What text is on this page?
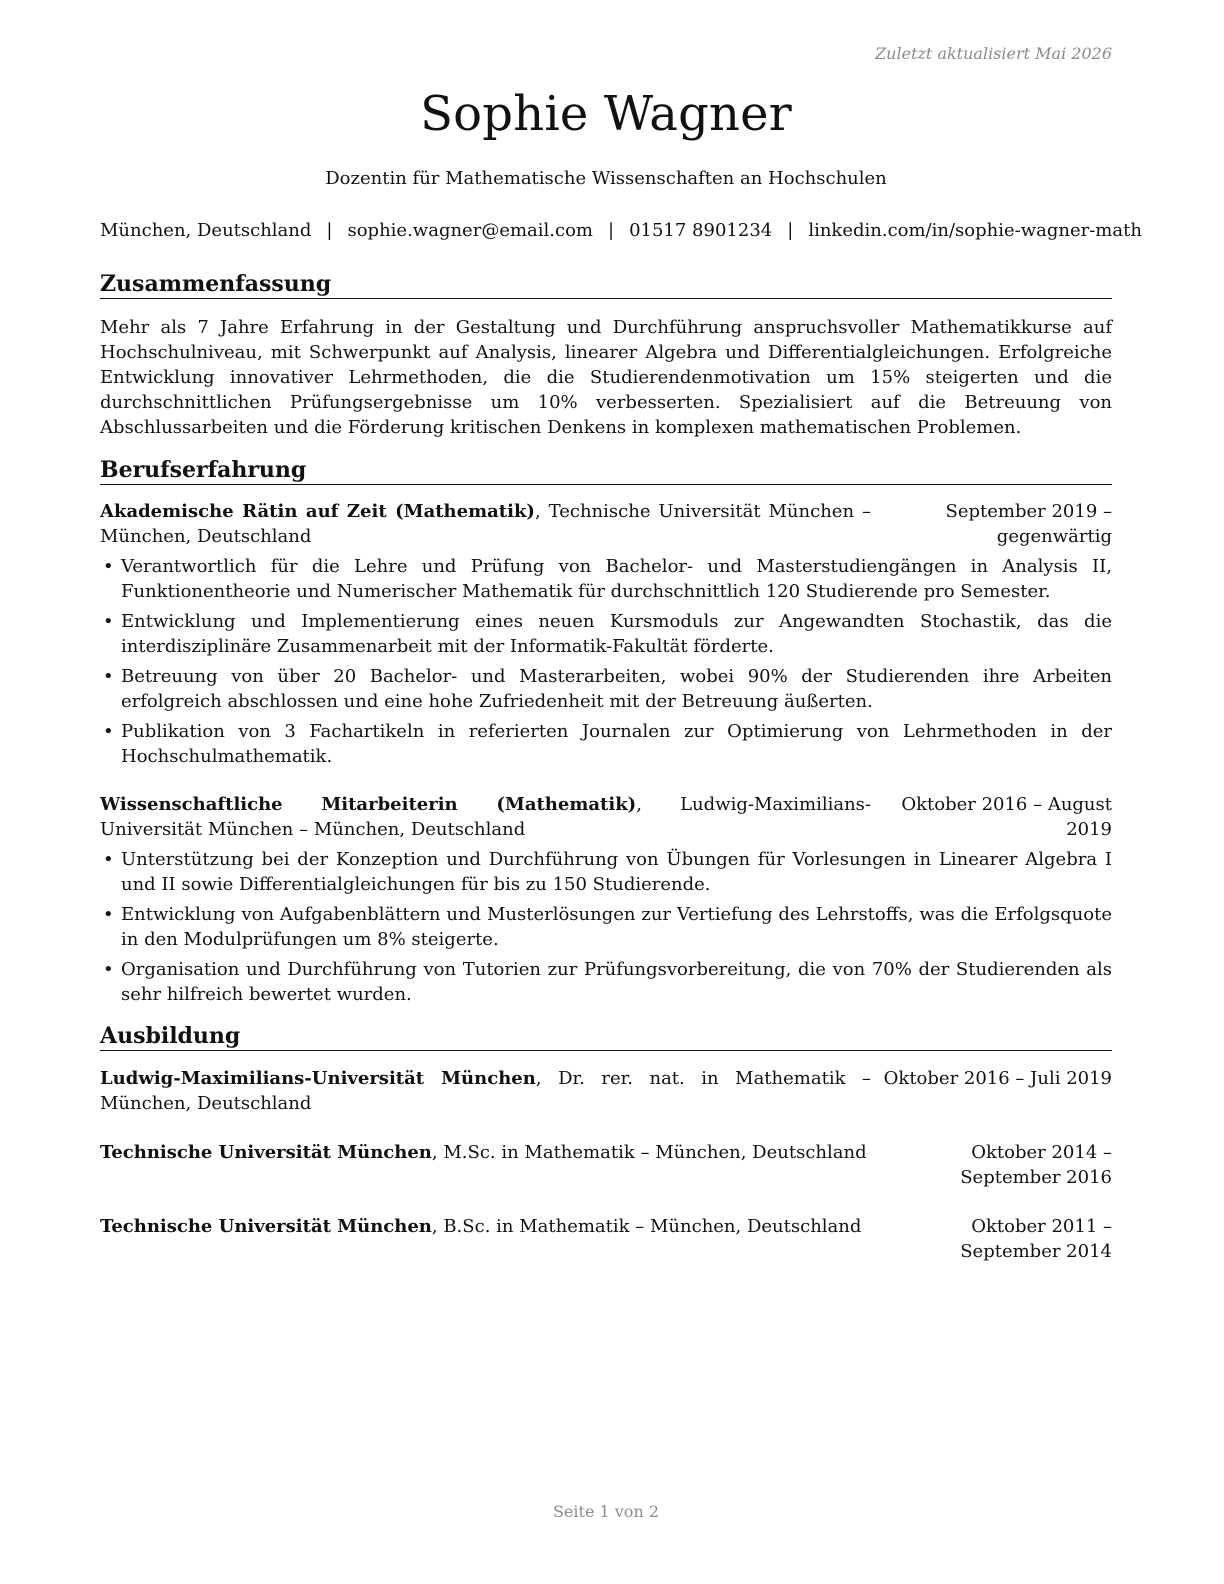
Zuletzt aktualisiert Mai 2026
Sophie Wagner
Dozentin für Mathematische Wissenschaften an Hochschulen
München, Deutschland | sophie.wagner@email.com | 01517 8901234 | linkedin.com/in/sophie-wagner-math
Zusammenfassung
Mehr als 7 Jahre Erfahrung in der Gestaltung und Durchführung anspruchsvoller Mathematikkurse auf Hochschulniveau, mit Schwerpunkt auf Analysis, linearer Algebra und Differentialgleichungen. Erfolgreiche Entwicklung innovativer Lehrmethoden, die die Studierendenmotivation um 15% steigerten und die durchschnittlichen Prüfungsergebnisse um 10% verbesserten. Spezialisiert auf die Betreuung von Abschlussarbeiten und die Förderung kritischen Denkens in komplexen mathematischen Problemen.
Berufserfahrung
Akademische Rätin auf Zeit (Mathematik), Technische Universität München – München, Deutschland
September 2019 – gegenwärtig
• Verantwortlich für die Lehre und Prüfung von Bachelor- und Masterstudiengängen in Analysis II, Funktionentheorie und Numerischer Mathematik für durchschnittlich 120 Studierende pro Semester.
• Entwicklung und Implementierung eines neuen Kursmoduls zur Angewandten Stochastik, das die interdisziplinäre Zusammenarbeit mit der Informatik-Fakultät förderte.
• Betreuung von über 20 Bachelor- und Masterarbeiten, wobei 90% der Studierenden ihre Arbeiten erfolgreich abschlossen und eine hohe Zufriedenheit mit der Betreuung äußerten.
• Publikation von 3 Fachartikeln in referierten Journalen zur Optimierung von Lehrmethoden in der Hochschulmathematik.
Wissenschaftliche Mitarbeiterin (Mathematik), Ludwig-Maximilians-Universität München – München, Deutschland
Oktober 2016 – August 2019
• Unterstützung bei der Konzeption und Durchführung von Übungen für Vorlesungen in Linearer Algebra I und II sowie Differentialgleichungen für bis zu 150 Studierende.
• Entwicklung von Aufgabenblättern und Musterlösungen zur Vertiefung des Lehrstoffs, was die Erfolgsquote in den Modulprüfungen um 8% steigerte.
• Organisation und Durchführung von Tutorien zur Prüfungsvorbereitung, die von 70% der Studierenden als sehr hilfreich bewertet wurden.
Ausbildung
Ludwig-Maximilians-Universität München, Dr. rer. nat. in Mathematik – München, Deutschland
Oktober 2016 – Juli 2019
Technische Universität München, M.Sc. in Mathematik – München, Deutschland	Oktober 2014 – September 2016
Technische Universität München, B.Sc. in Mathematik – München, Deutschland	Oktober 2011 – September 2014
Seite 1 von 2
